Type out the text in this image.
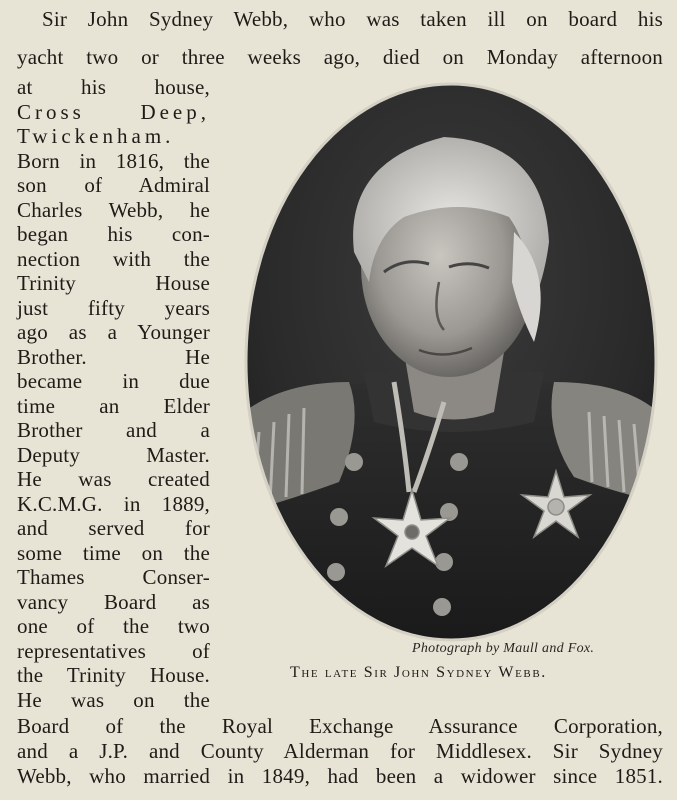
Sir John Sydney Webb, who was taken ill on board his
yacht two or three weeks ago, died on Monday afternoon
at his house,
Cross Deep,
Twickenham.
Born in 1816, the
son of Admiral
Charles Webb, he
began his con-
nection with the
Trinity House
just fifty years
ago as a Younger
Brother. He
became in due
time an Elder
Brother and a
Deputy Master.
He was created
K.C.M.G. in 1889,
and served for
some time on the
Thames Conser-
vancy Board as
one of the two
representatives of
the Trinity House.
He was on the
Board of the Royal Exchange Assurance Corporation,
and a J.P. and County Alderman for Middlesex. Sir Sydney
Webb, who married in 1849, had been a widower since 1851.
Photograph by Maull and Fox.
The late Sir John Sydney Webb.
